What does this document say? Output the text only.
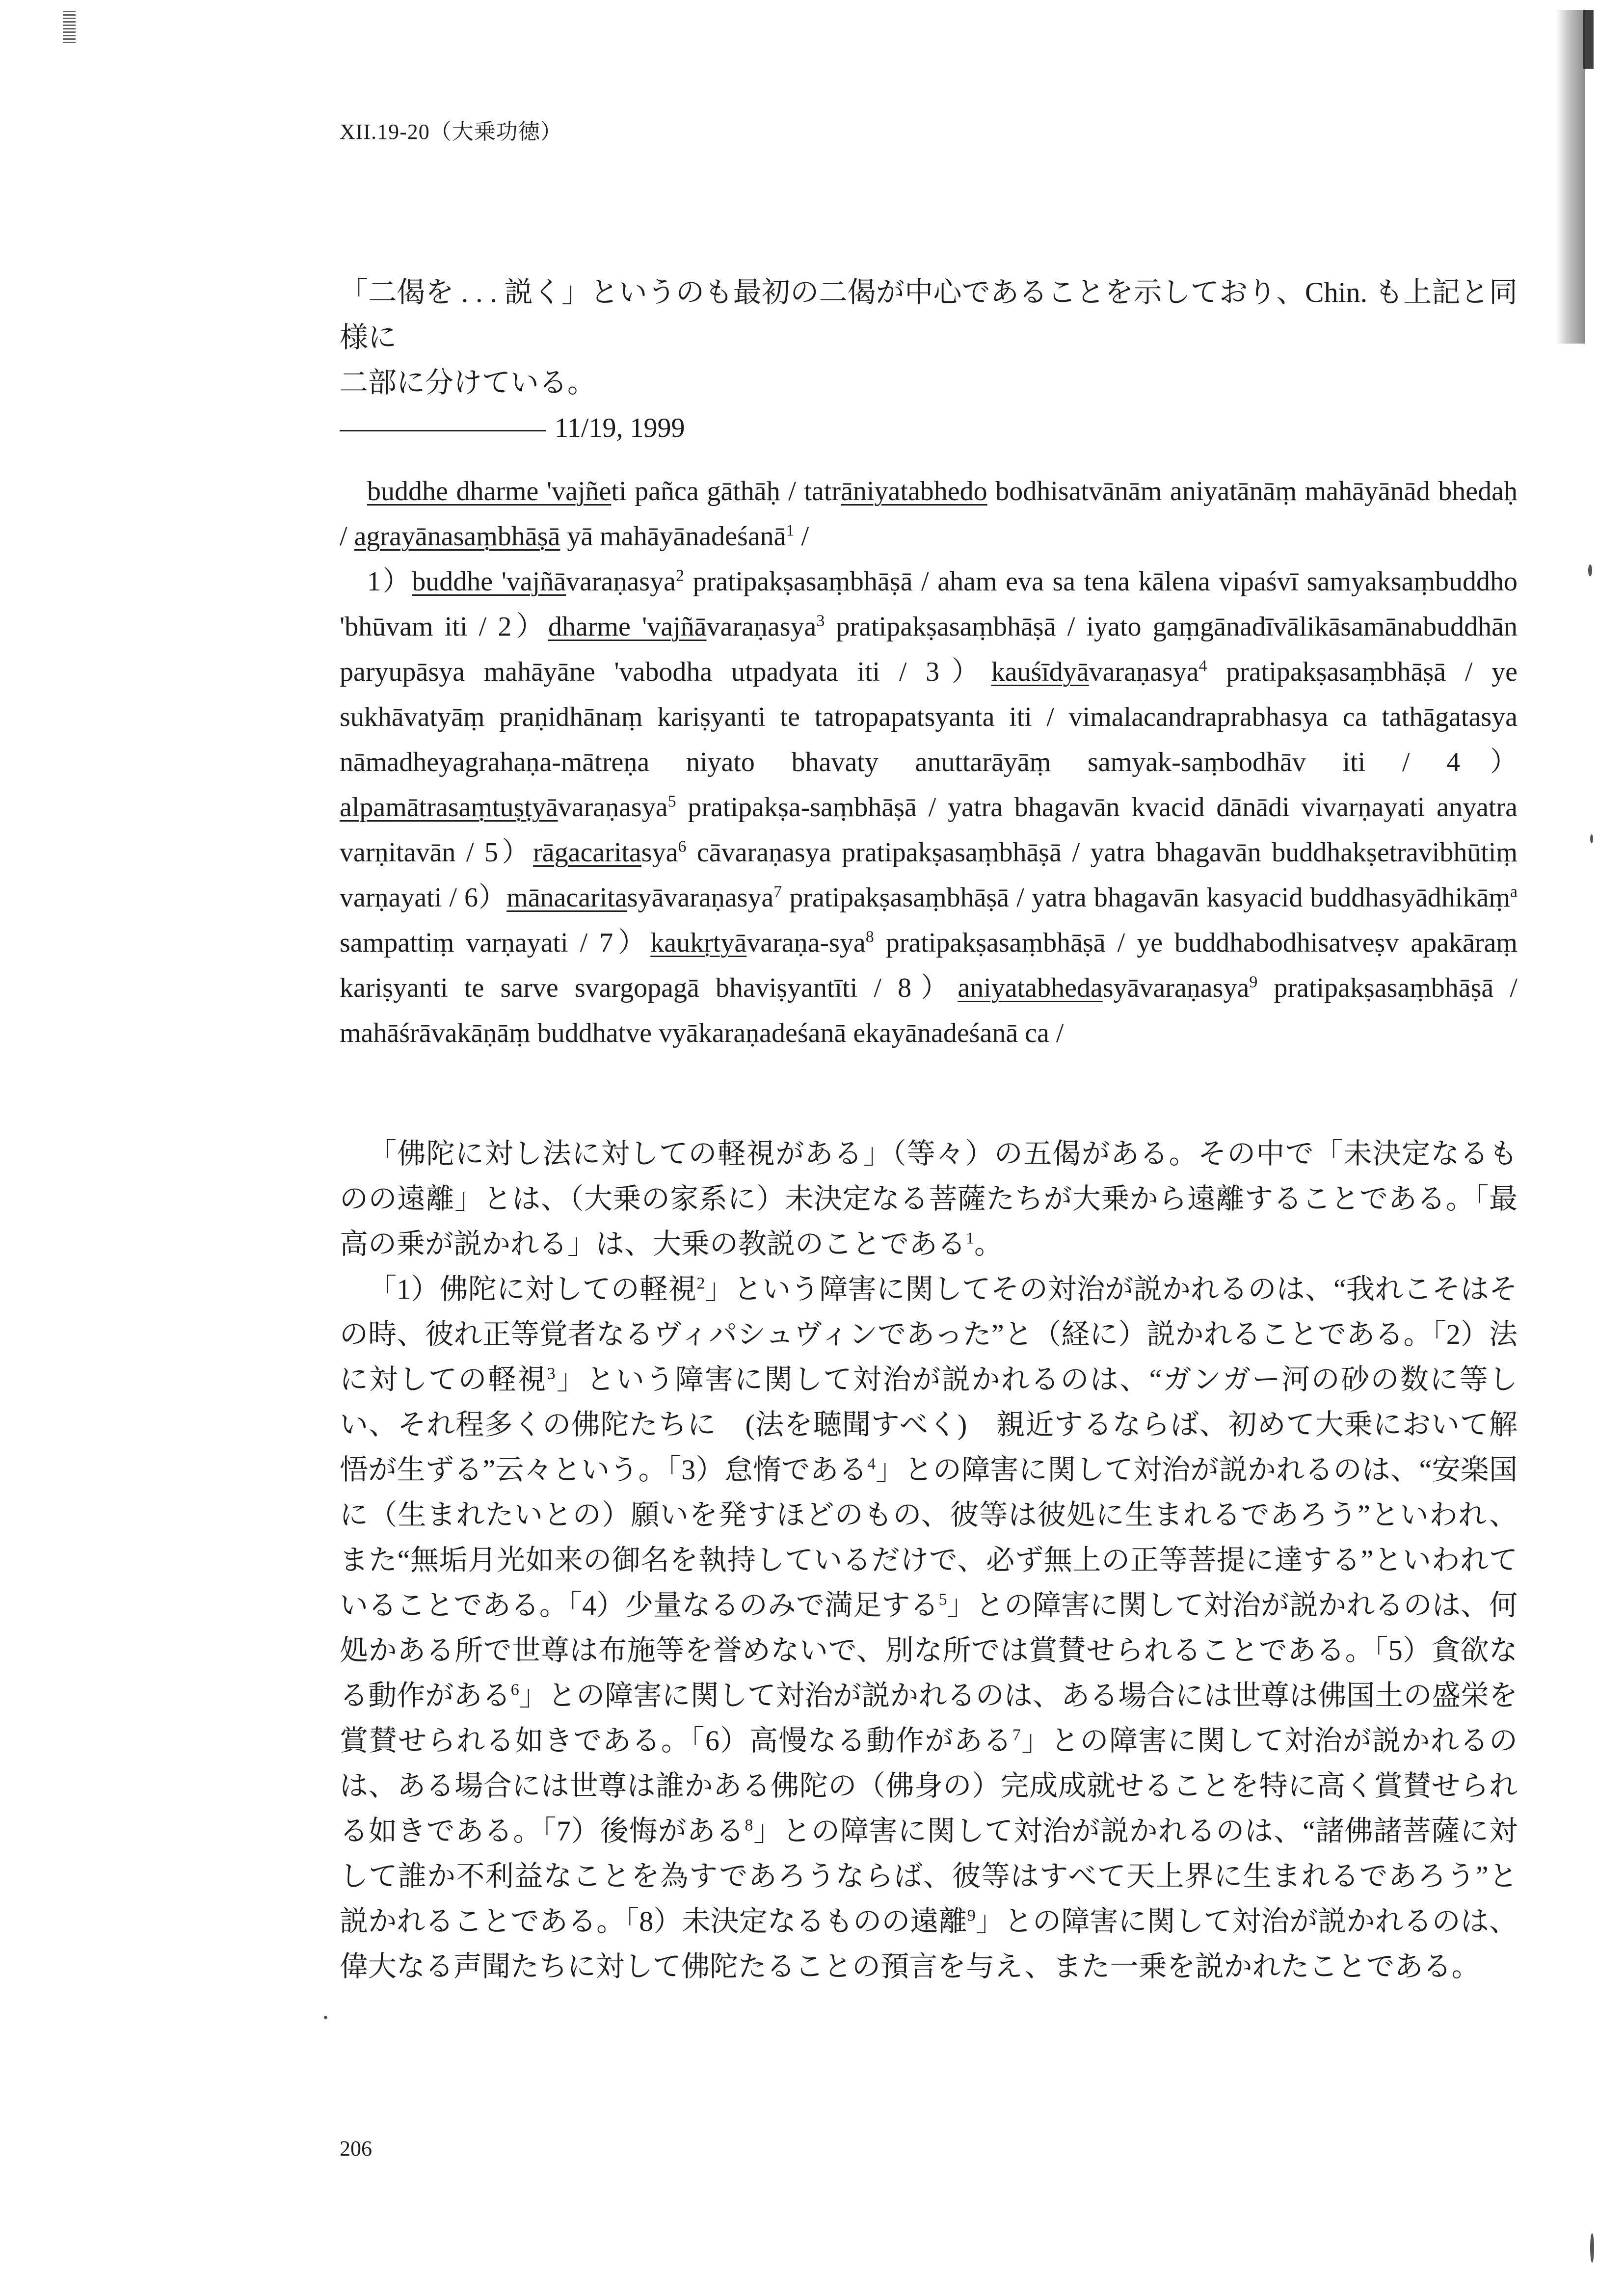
XII.19-20（大乗功徳）

「二偈を . . . 説く」というのも最初の二偈が中心であることを示しており、Chin. も上記と同様に

二部に分けている。

11/19, 1999

buddhe dharme 'vajñeti pañca gāthāḥ / tatrāniyatabhedo bodhisatvānām aniyatānāṃ mahāyānād bhedaḥ / agrayānasaṃbhāṣā yā mahāyānadeśanā$^1$ /

1）buddhe 'vajñāvaraṇasya$^2$ pratipakṣasaṃbhāṣā / aham eva sa tena kālena vipaśvī samyaksaṃbuddho 'bhūvam iti / 2）dharme 'vajñāvaraṇasya$^3$ pratipakṣasaṃbhāṣā / iyato gaṃgānadīvālikāsamānabuddhān paryupāsya mahāyāne 'vabodha utpadyata iti / 3）kauśīdyāvaraṇasya$^4$ pratipakṣasaṃbhāṣā / ye sukhāvatyāṃ praṇidhānaṃ kariṣyanti te tatropapatsyanta iti / vimalacandraprabhasya ca tathāgatasya nāmadheyagrahaṇa-mātreṇa niyato bhavaty anuttarāyāṃ samyak-saṃbodhāv iti / 4）alpamātrasaṃtuṣṭyāvaraṇasya$^5$ pratipakṣa-saṃbhāṣā / yatra bhagavān kvacid dānādi vivarṇayati anyatra varṇitavān / 5）rāgacaritasya$^6$ cāvaraṇasya pratipakṣasaṃbhāṣā / yatra bhagavān buddhakṣetravibhūtiṃ varṇayati / 6）mānacaritasyāvaraṇasya$^7$ pratipakṣasaṃbhāṣā / yatra bhagavān kasyacid buddhasyādhikāṃ$^a$ sampattiṃ varṇayati / 7）kaukṛtyāvaraṇa-sya$^8$ pratipakṣasaṃbhāṣā / ye buddhabodhisatveṣv apakāraṃ kariṣyanti te sarve svargopagā bhaviṣyantīti / 8）aniyatabhedasyāvaraṇasya$^9$ pratipakṣasaṃbhāṣā / mahāśrāvakāṇāṃ buddhatve vyākaraṇadeśanā ekayānadeśanā ca /

「佛陀に対し法に対しての軽視がある」（等々）の五偈がある。その中で「未決定なるものの遠離」とは、（大乗の家系に）未決定なる菩薩たちが大乗から遠離することである。「最高の乗が説かれる」は、大乗の教説のことである$^1$。

「1）佛陀に対しての軽視$^2$」という障害に関してその対治が説かれるのは、“我れこそはその時、彼れ正等覚者なるヴィパシュヴィンであった”と（経に）説かれることである。「2）法に対しての軽視$^3$」という障害に関して対治が説かれるのは、“ガンガー河の砂の数に等しい、それ程多くの佛陀たちに　(法を聴聞すべく)　親近するならば、初めて大乗において解悟が生ずる”云々という。「3）怠惰である$^4$」との障害に関して対治が説かれるのは、“安楽国に（生まれたいとの）願いを発すほどのもの、彼等は彼処に生まれるであろう”といわれ、また“無垢月光如来の御名を執持しているだけで、必ず無上の正等菩提に達する”といわれていることである。「4）少量なるのみで満足する$^5$」との障害に関して対治が説かれるのは、何処かある所で世尊は布施等を誉めないで、別な所では賞賛せられることである。「5）貪欲なる動作がある$^6$」との障害に関して対治が説かれるのは、ある場合には世尊は佛国土の盛栄を賞賛せられる如きである。「6）高慢なる動作がある$^7$」との障害に関して対治が説かれるのは、ある場合には世尊は誰かある佛陀の（佛身の）完成成就せることを特に高く賞賛せられる如きである。「7）後悔がある$^8$」との障害に関して対治が説かれるのは、“諸佛諸菩薩に対して誰か不利益なことを為すであろうならば、彼等はすべて天上界に生まれるであろう”と説かれることである。「8）未決定なるものの遠離$^9$」との障害に関して対治が説かれるのは、偉大なる声聞たちに対して佛陀たることの預言を与え、また一乗を説かれたことである。

206
